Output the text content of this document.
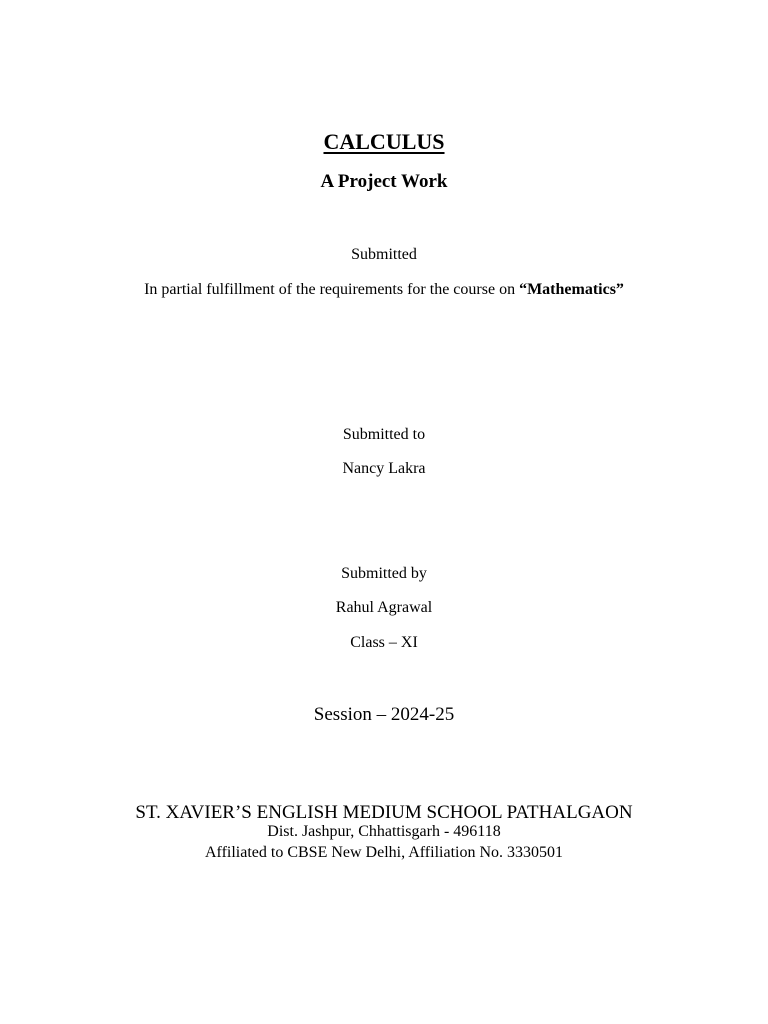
CALCULUS
A Project Work
Submitted
In partial fulfillment of the requirements for the course on “Mathematics”
Submitted to
Nancy Lakra
Submitted by
Rahul Agrawal
Class – XI
Session – 2024-25
ST. XAVIER’S ENGLISH MEDIUM SCHOOL PATHALGAON
Dist. Jashpur, Chhattisgarh - 496118
Affiliated to CBSE New Delhi, Affiliation No. 3330501
